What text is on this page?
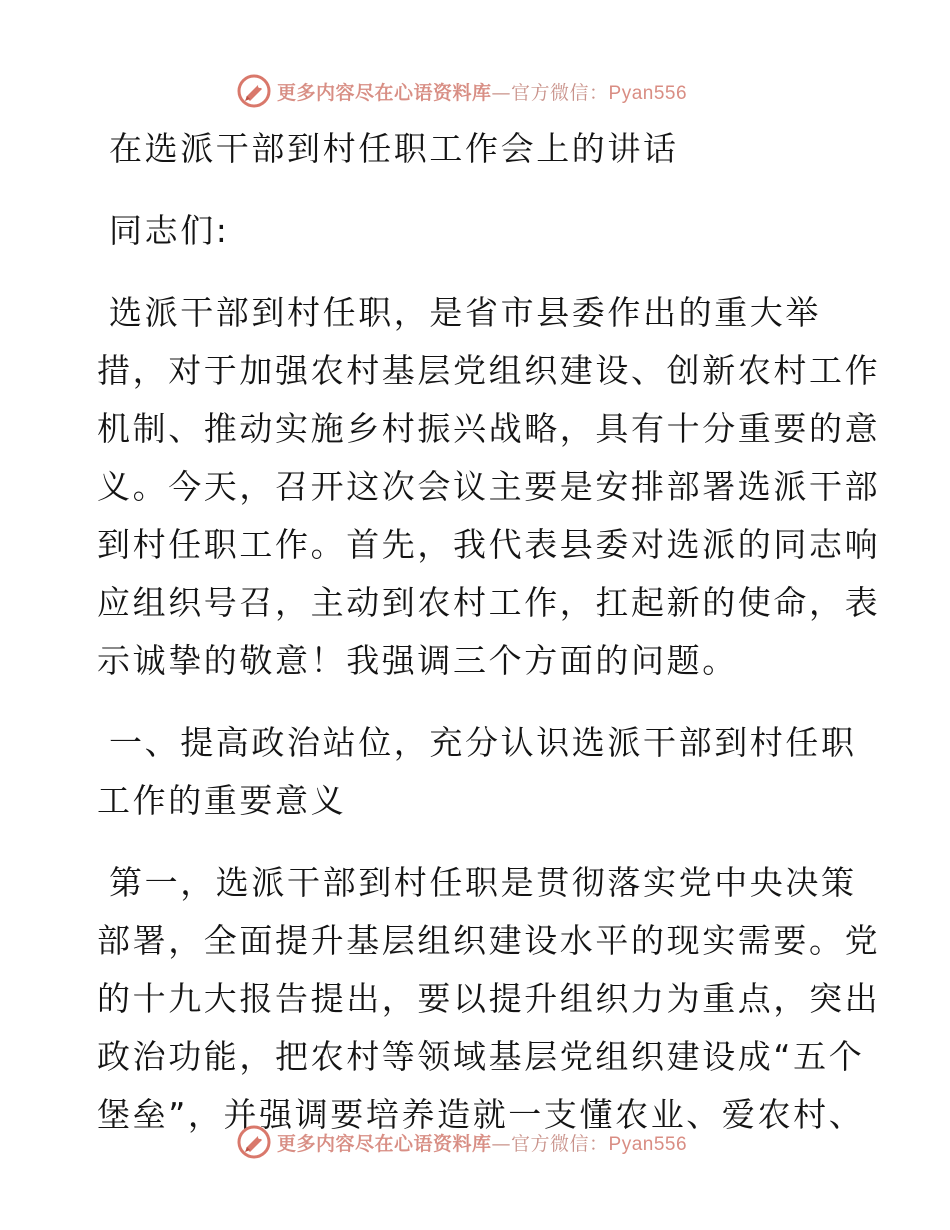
更多内容尽在心语资料库—官方微信：Pyan556

在选派干部到村任职工作会上的讲话

同志们:

选派干部到村任职，是省市县委作出的重大举

措，对于加强农村基层党组织建设、创新农村工作

机制、推动实施乡村振兴战略，具有十分重要的意

义。今天，召开这次会议主要是安排部署选派干部

到村任职工作。首先，我代表县委对选派的同志响

应组织号召，主动到农村工作，扛起新的使命，表

示诚挚的敬意！我强调三个方面的问题。

一、提高政治站位，充分认识选派干部到村任职

工作的重要意义

第一，选派干部到村任职是贯彻落实党中央决策

部署，全面提升基层组织建设水平的现实需要。党

的十九大报告提出，要以提升组织力为重点，突出

政治功能，把农村等领域基层党组织建设成“五个

堡垒”，并强调要培养造就一支懂农业、爱农村、

更多内容尽在心语资料库—官方微信：Pyan556
